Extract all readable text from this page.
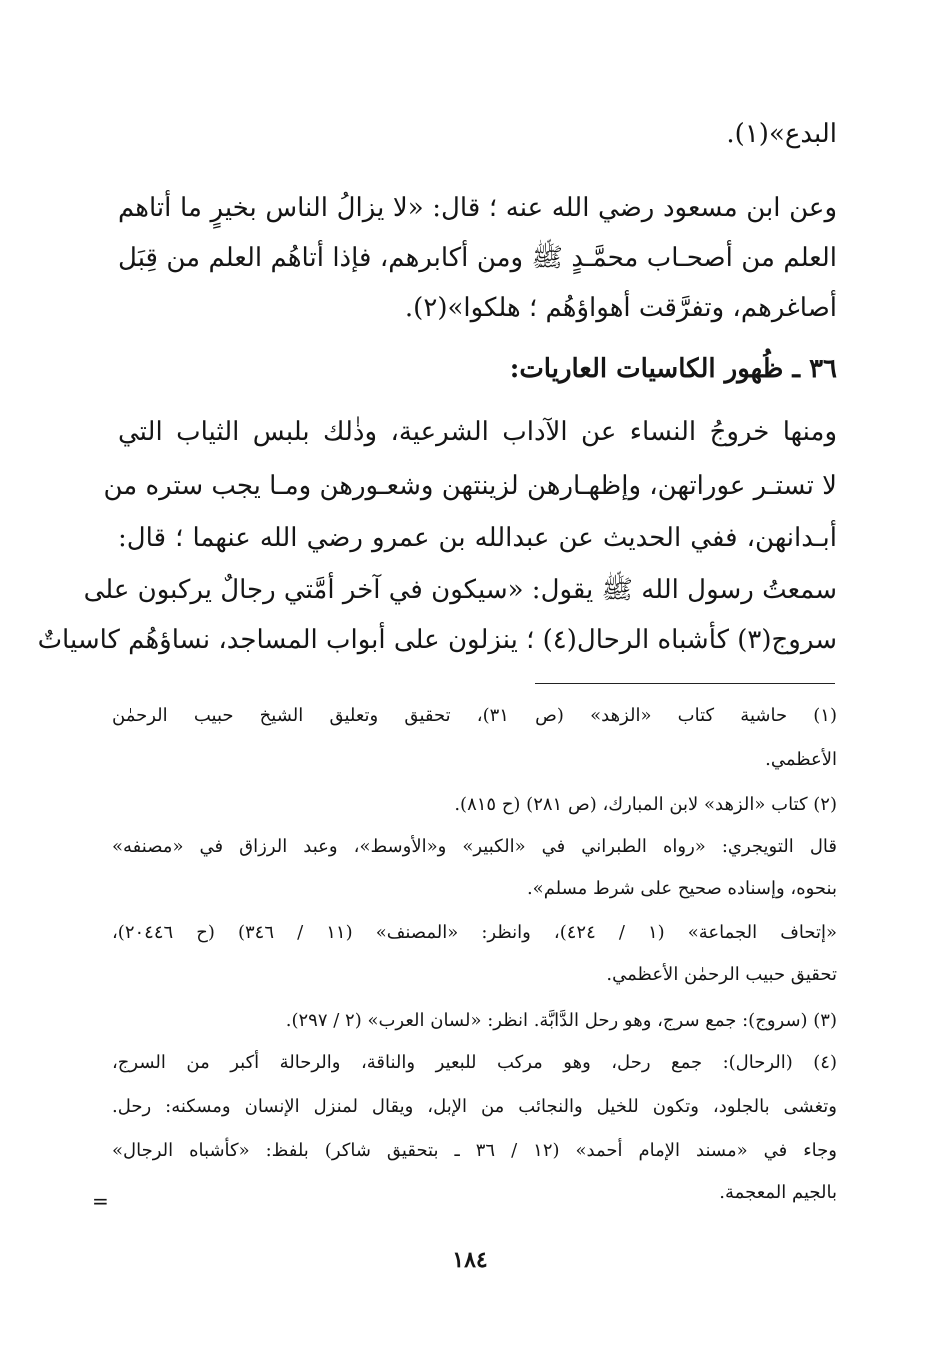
البدع»(١).
وعن ابن مسعود رضي الله عنه ؛ قال: «لا يزالُ الناس بخيرٍ ما أتاهم
العلم من أصحـاب محمَّـدٍ ﷺ ومن أكابرهم، فإذا أتاهُم العلم من قِبَل
أصاغرهم، وتفرَّقت أهواؤهُم ؛ هلكوا»(٢).
٣٦ ـ ظُهور الكاسيات العاريات:
ومنها خروجُ النساء عن الآداب الشرعية، وذٰلك بلبس الثياب التي
لا تستـر عوراتهن، وإظهـارهن لزينتهن وشعـورهن ومـا يجب ستره من
أبـدانهن، ففي الحديث عن عبدالله بن عمرو رضي الله عنهما ؛ قال:
سمعتُ رسول الله ﷺ يقول: «سيكون في آخر أمَّتي رجالٌ يركبون على
سروج(٣) كأشباه الرحال(٤) ؛ ينزلون على أبواب المساجد، نساؤهُم كاسياتٌ
(١) حاشية كتاب «الزهد» (ص ٣١)، تحقيق وتعليق الشيخ حبيب الرحمٰن
الأعظمي.
(٢) كتاب «الزهد» لابن المبارك، (ص ٢٨١) (ح ٨١٥).
قال التويجري: «رواه الطبراني في «الكبير» و«الأوسط»، وعبد الرزاق في «مصنفه»
بنحوه، وإسناده صحيح على شرط مسلم».
«إتحاف الجماعة» (١ / ٤٢٤)، وانظر: «المصنف» (١١ / ٣٤٦) (ح ٢٠٤٤٦)،
تحقيق حبيب الرحمٰن الأعظمي.
(٣) (سروج): جمع سرج، وهو رحل الدَّابَّة. انظر: «لسان العرب» (٢ / ٢٩٧).
(٤) (الرحال): جمع رحل، وهو مركب للبعير والناقة، والرحالة أكبر من السرج،
وتغشى بالجلود، وتكون للخيل والنجائب من الإبل، ويقال لمنزل الإنسان ومسكنه: رحل.
وجاء في «مسند الإمام أحمد» (١٢ / ٣٦ ـ بتحقيق شاكر) بلفظ: «كأشباه الرجال»
بالجيم المعجمة.
=
١٨٤
